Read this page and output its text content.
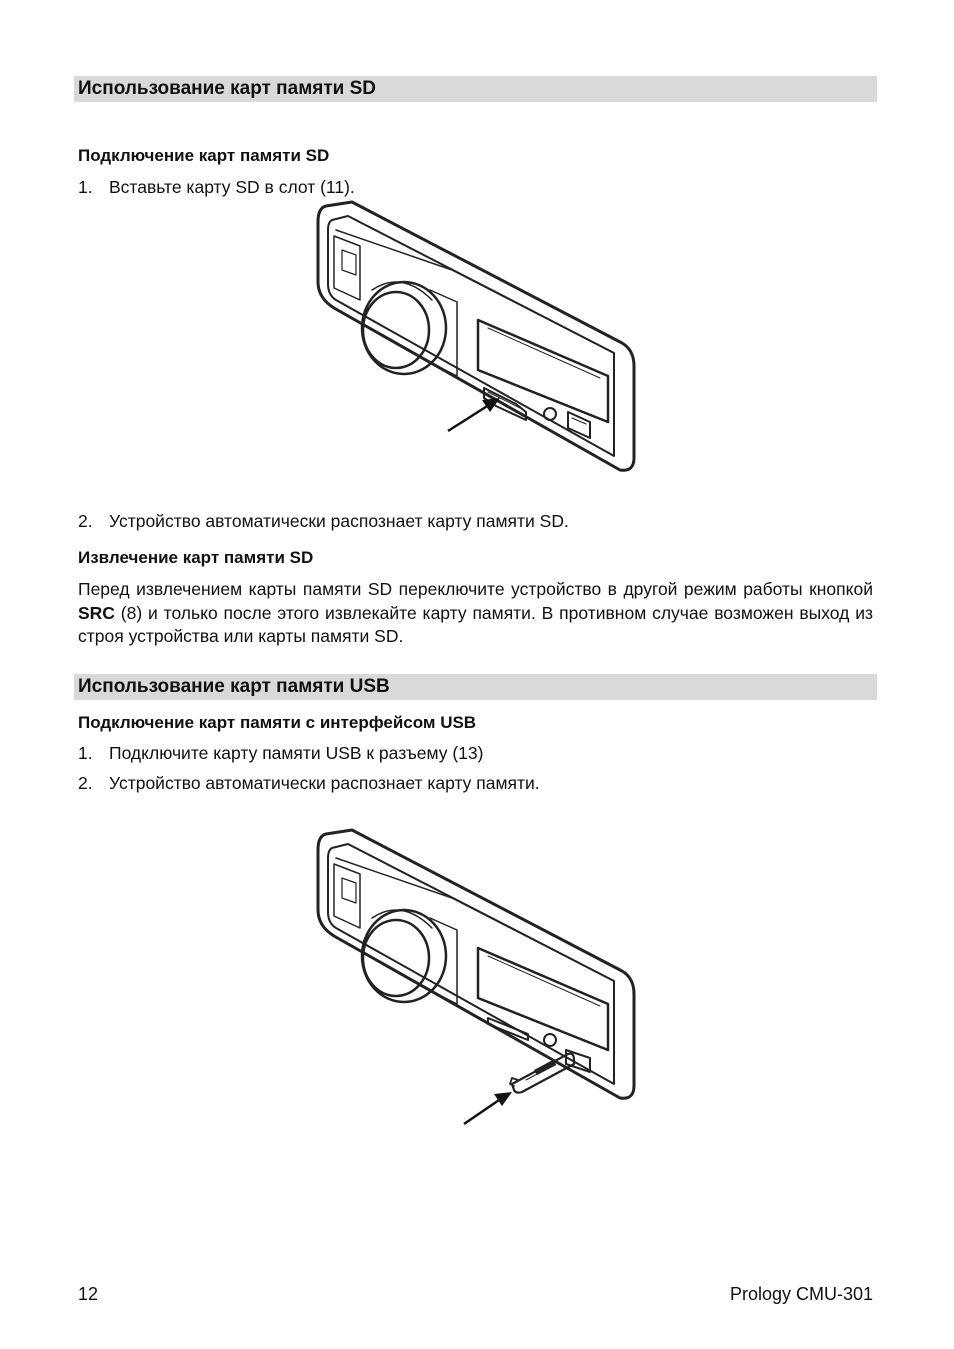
Использование карт памяти SD
Подключение карт памяти SD
1. Вставьте карту SD в слот (11).
2. Устройство автоматически распознает карту памяти SD.
Извлечение карт памяти SD
Перед извлечением карты памяти SD переключите устройство в другой режим работы кнопкой SRC (8) и только после этого извлекайте карту памяти. В противном случае возможен выход из строя устройства или карты памяти SD.
Использование карт памяти USB
Подключение карт памяти с интерфейсом USB
1. Подключите карту памяти USB к разъему (13)
2. Устройство автоматически распознает карту памяти.
12	Prology CMU-301
